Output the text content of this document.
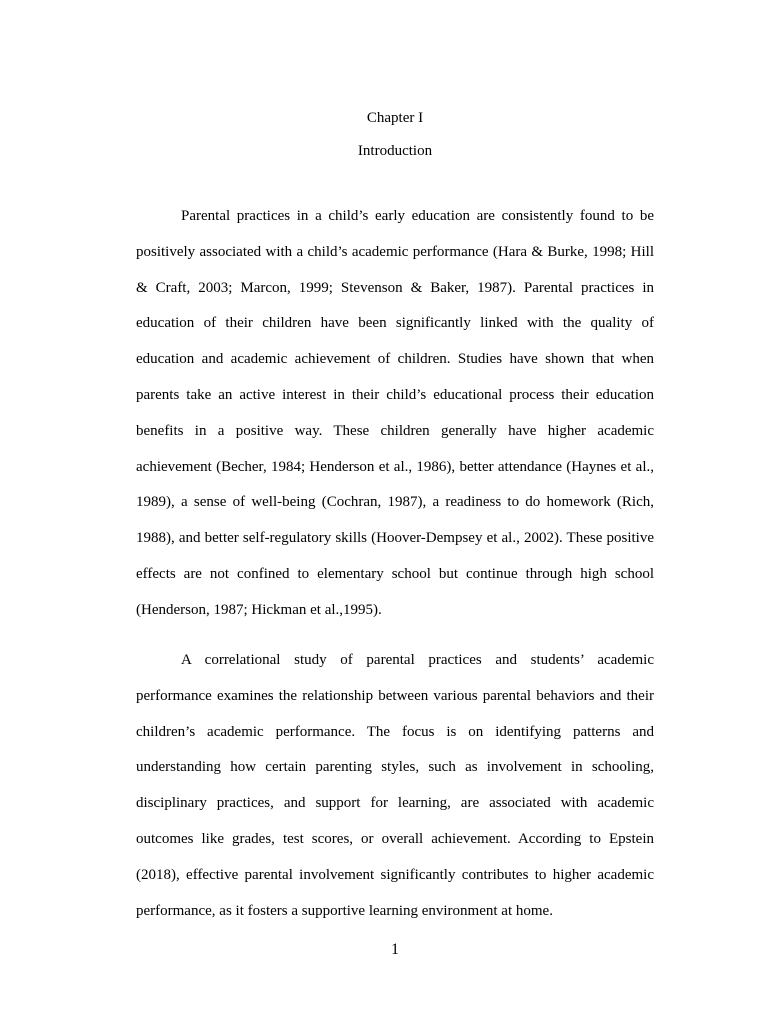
Chapter I
Introduction

Parental practices in a child’s early education are consistently found to be positively associated with a child’s academic performance (Hara & Burke, 1998; Hill & Craft, 2003; Marcon, 1999; Stevenson & Baker, 1987). Parental practices in education of their children have been significantly linked with the quality of education and academic achievement of children. Studies have shown that when parents take an active interest in their child’s educational process their education benefits in a positive way. These children generally have higher academic achievement (Becher, 1984; Henderson et al., 1986), better attendance (Haynes et al., 1989), a sense of well-being (Cochran, 1987), a readiness to do homework (Rich, 1988), and better self-regulatory skills (Hoover-Dempsey et al., 2002). These positive effects are not confined to elementary school but continue through high school (Henderson, 1987; Hickman et al.,1995).

A correlational study of parental practices and students’ academic performance examines the relationship between various parental behaviors and their children’s academic performance. The focus is on identifying patterns and understanding how certain parenting styles, such as involvement in schooling, disciplinary practices, and support for learning, are associated with academic outcomes like grades, test scores, or overall achievement. According to Epstein (2018), effective parental involvement significantly contributes to higher academic performance, as it fosters a supportive learning environment at home.

1
